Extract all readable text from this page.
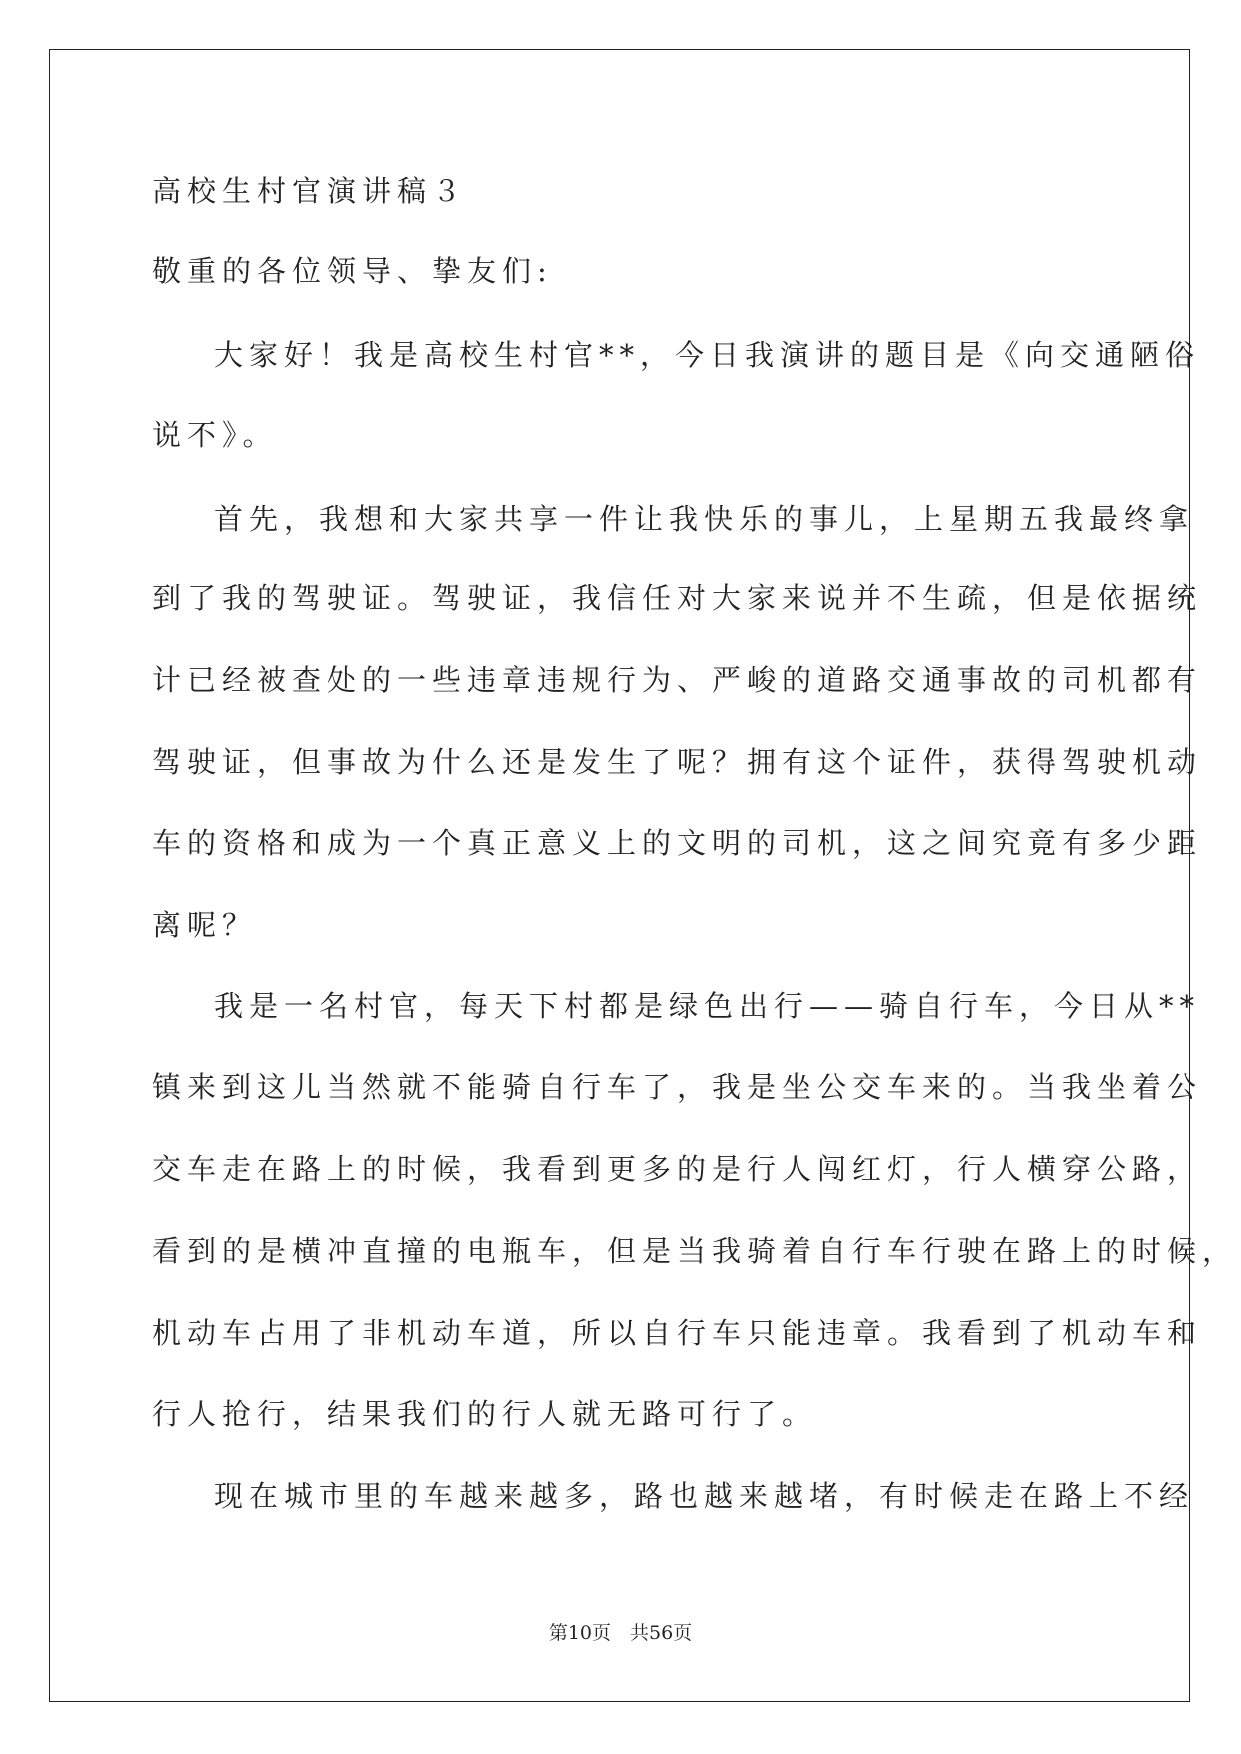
高校生村官演讲稿３

敬重的各位领导、挚友们:

大家好！我是高校生村官**，今日我演讲的题目是《向交通陋俗

说不》。

首先，我想和大家共享一件让我快乐的事儿，上星期五我最终拿

到了我的驾驶证。驾驶证，我信任对大家来说并不生疏，但是依据统

计已经被查处的一些违章违规行为、严峻的道路交通事故的司机都有

驾驶证，但事故为什么还是发生了呢？拥有这个证件，获得驾驶机动

车的资格和成为一个真正意义上的文明的司机，这之间究竟有多少距

离呢？

我是一名村官，每天下村都是绿色出行——骑自行车，今日从**

镇来到这儿当然就不能骑自行车了，我是坐公交车来的。当我坐着公

交车走在路上的时候，我看到更多的是行人闯红灯，行人横穿公路，

看到的是横冲直撞的电瓶车，但是当我骑着自行车行驶在路上的时候，

机动车占用了非机动车道，所以自行车只能违章。我看到了机动车和

行人抢行，结果我们的行人就无路可行了。

现在城市里的车越来越多，路也越来越堵，有时候走在路上不经

第10页　共56页
